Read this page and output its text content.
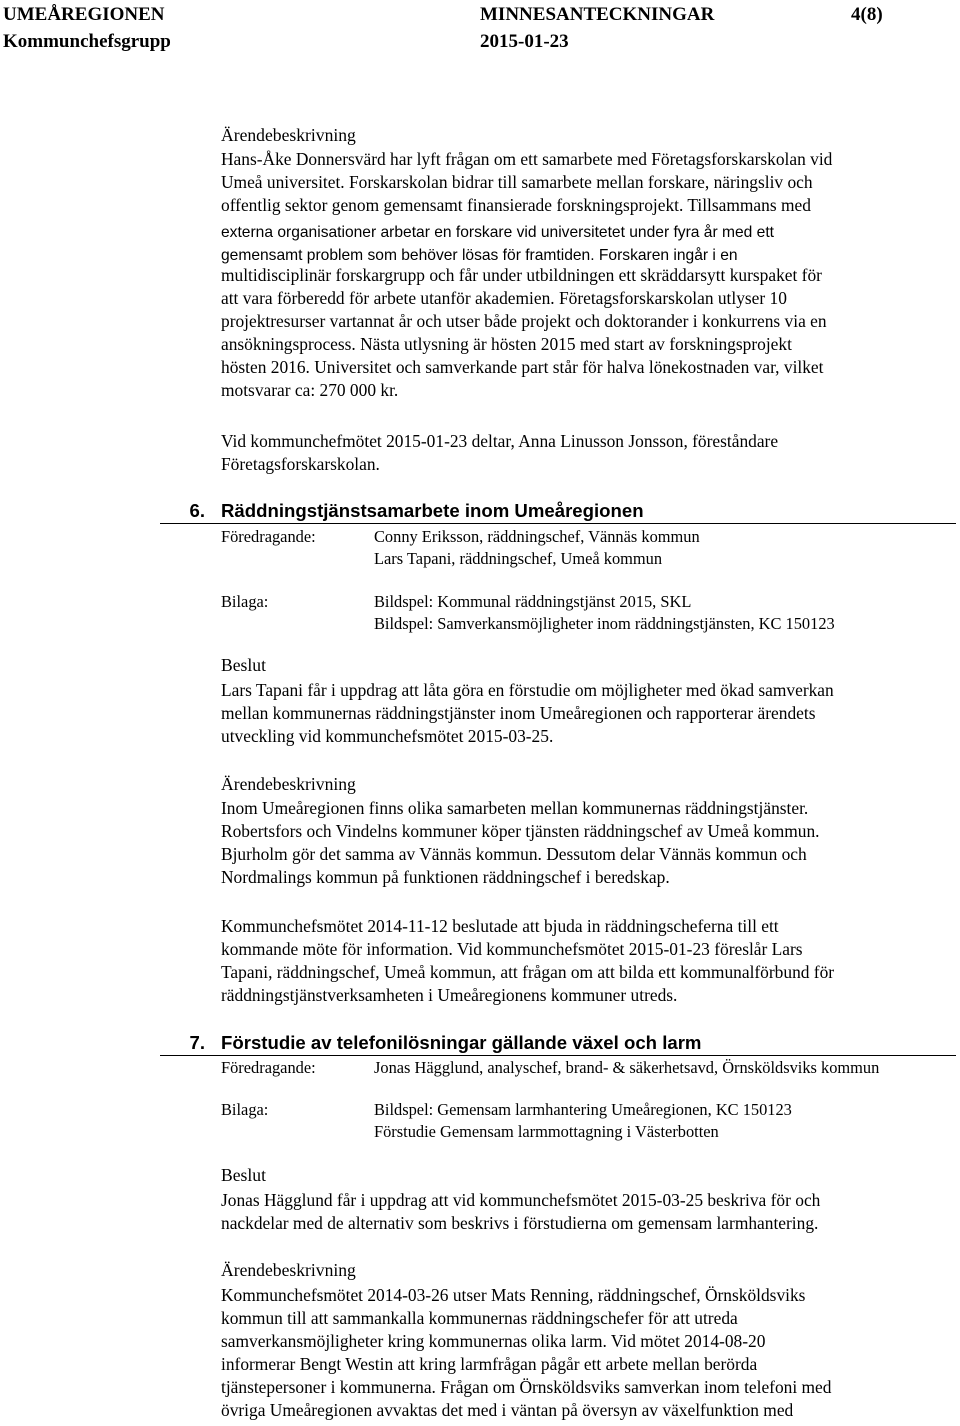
UMEÅREGIONEN
Kommunchefsgrupp
MINNESANTECKNINGAR
2015-01-23
4(8)
Ärendebeskrivning
Hans-Åke Donnersvärd har lyft frågan om ett samarbete med Företagsforskarskolan vid
Umeå universitet. Forskarskolan bidrar till samarbete mellan forskare, näringsliv och
offentlig sektor genom gemensamt finansierade forskningsprojekt. Tillsammans med
externa organisationer arbetar en forskare vid universitetet under fyra år med ett
gemensamt problem som behöver lösas för framtiden. Forskaren ingår i en
multidisciplinär forskargrupp och får under utbildningen ett skräddarsytt kurspaket för
att vara förberedd för arbete utanför akademien. Företagsforskarskolan utlyser 10
projektresurser vartannat år och utser både projekt och doktorander i konkurrens via en
ansökningsprocess. Nästa utlysning är hösten 2015 med start av forskningsprojekt
hösten 2016. Universitet och samverkande part står för halva lönekostnaden var, vilket
motsvarar ca: 270 000 kr.
Vid kommunchefmötet 2015-01-23 deltar, Anna Linusson Jonsson, föreståndare
Företagsforskarskolan.
6. Räddningstjänstsamarbete inom Umeåregionen
Föredragande:	Conny Eriksson, räddningschef, Vännäs kommun
Lars Tapani, räddningschef, Umeå kommun
Bilaga:	Bildspel: Kommunal räddningstjänst 2015, SKL
Bildspel: Samverkansmöjligheter inom räddningstjänsten, KC 150123
Beslut
Lars Tapani får i uppdrag att låta göra en förstudie om möjligheter med ökad samverkan
mellan kommunernas räddningstjänster inom Umeåregionen och rapporterar ärendets
utveckling vid kommunchefsmötet 2015-03-25.
Ärendebeskrivning
Inom Umeåregionen finns olika samarbeten mellan kommunernas räddningstjänster.
Robertsfors och Vindelns kommuner köper tjänsten räddningschef av Umeå kommun.
Bjurholm gör det samma av Vännäs kommun. Dessutom delar Vännäs kommun och
Nordmalings kommun på funktionen räddningschef i beredskap.
Kommunchefsmötet 2014-11-12 beslutade att bjuda in räddningscheferna till ett
kommande möte för information. Vid kommunchefsmötet 2015-01-23 föreslår Lars
Tapani, räddningschef, Umeå kommun, att frågan om att bilda ett kommunalförbund för
räddningstjänstverksamheten i Umeåregionens kommuner utreds.
7. Förstudie av telefonilösningar gällande växel och larm
Föredragande:	Jonas Hägglund, analyschef, brand- & säkerhetsavd, Örnsköldsviks kommun
Bilaga:	Bildspel: Gemensam larmhantering Umeåregionen, KC 150123
Förstudie Gemensam larmmottagning i Västerbotten
Beslut
Jonas Hägglund får i uppdrag att vid kommunchefsmötet 2015-03-25 beskriva för och
nackdelar med de alternativ som beskrivs i förstudierna om gemensam larmhantering.
Ärendebeskrivning
Kommunchefsmötet 2014-03-26 utser Mats Renning, räddningschef, Örnsköldsviks
kommun till att sammankalla kommunernas räddningschefer för att utreda
samverkansmöjligheter kring kommunernas olika larm. Vid mötet 2014-08-20
informerar Bengt Westin att kring larmfrågan pågår ett arbete mellan berörda
tjänstepersoner i kommunerna. Frågan om Örnsköldsviks samverkan inom telefoni med
övriga Umeåregionen avvaktas det med i väntan på översyn av växelfunktion med
